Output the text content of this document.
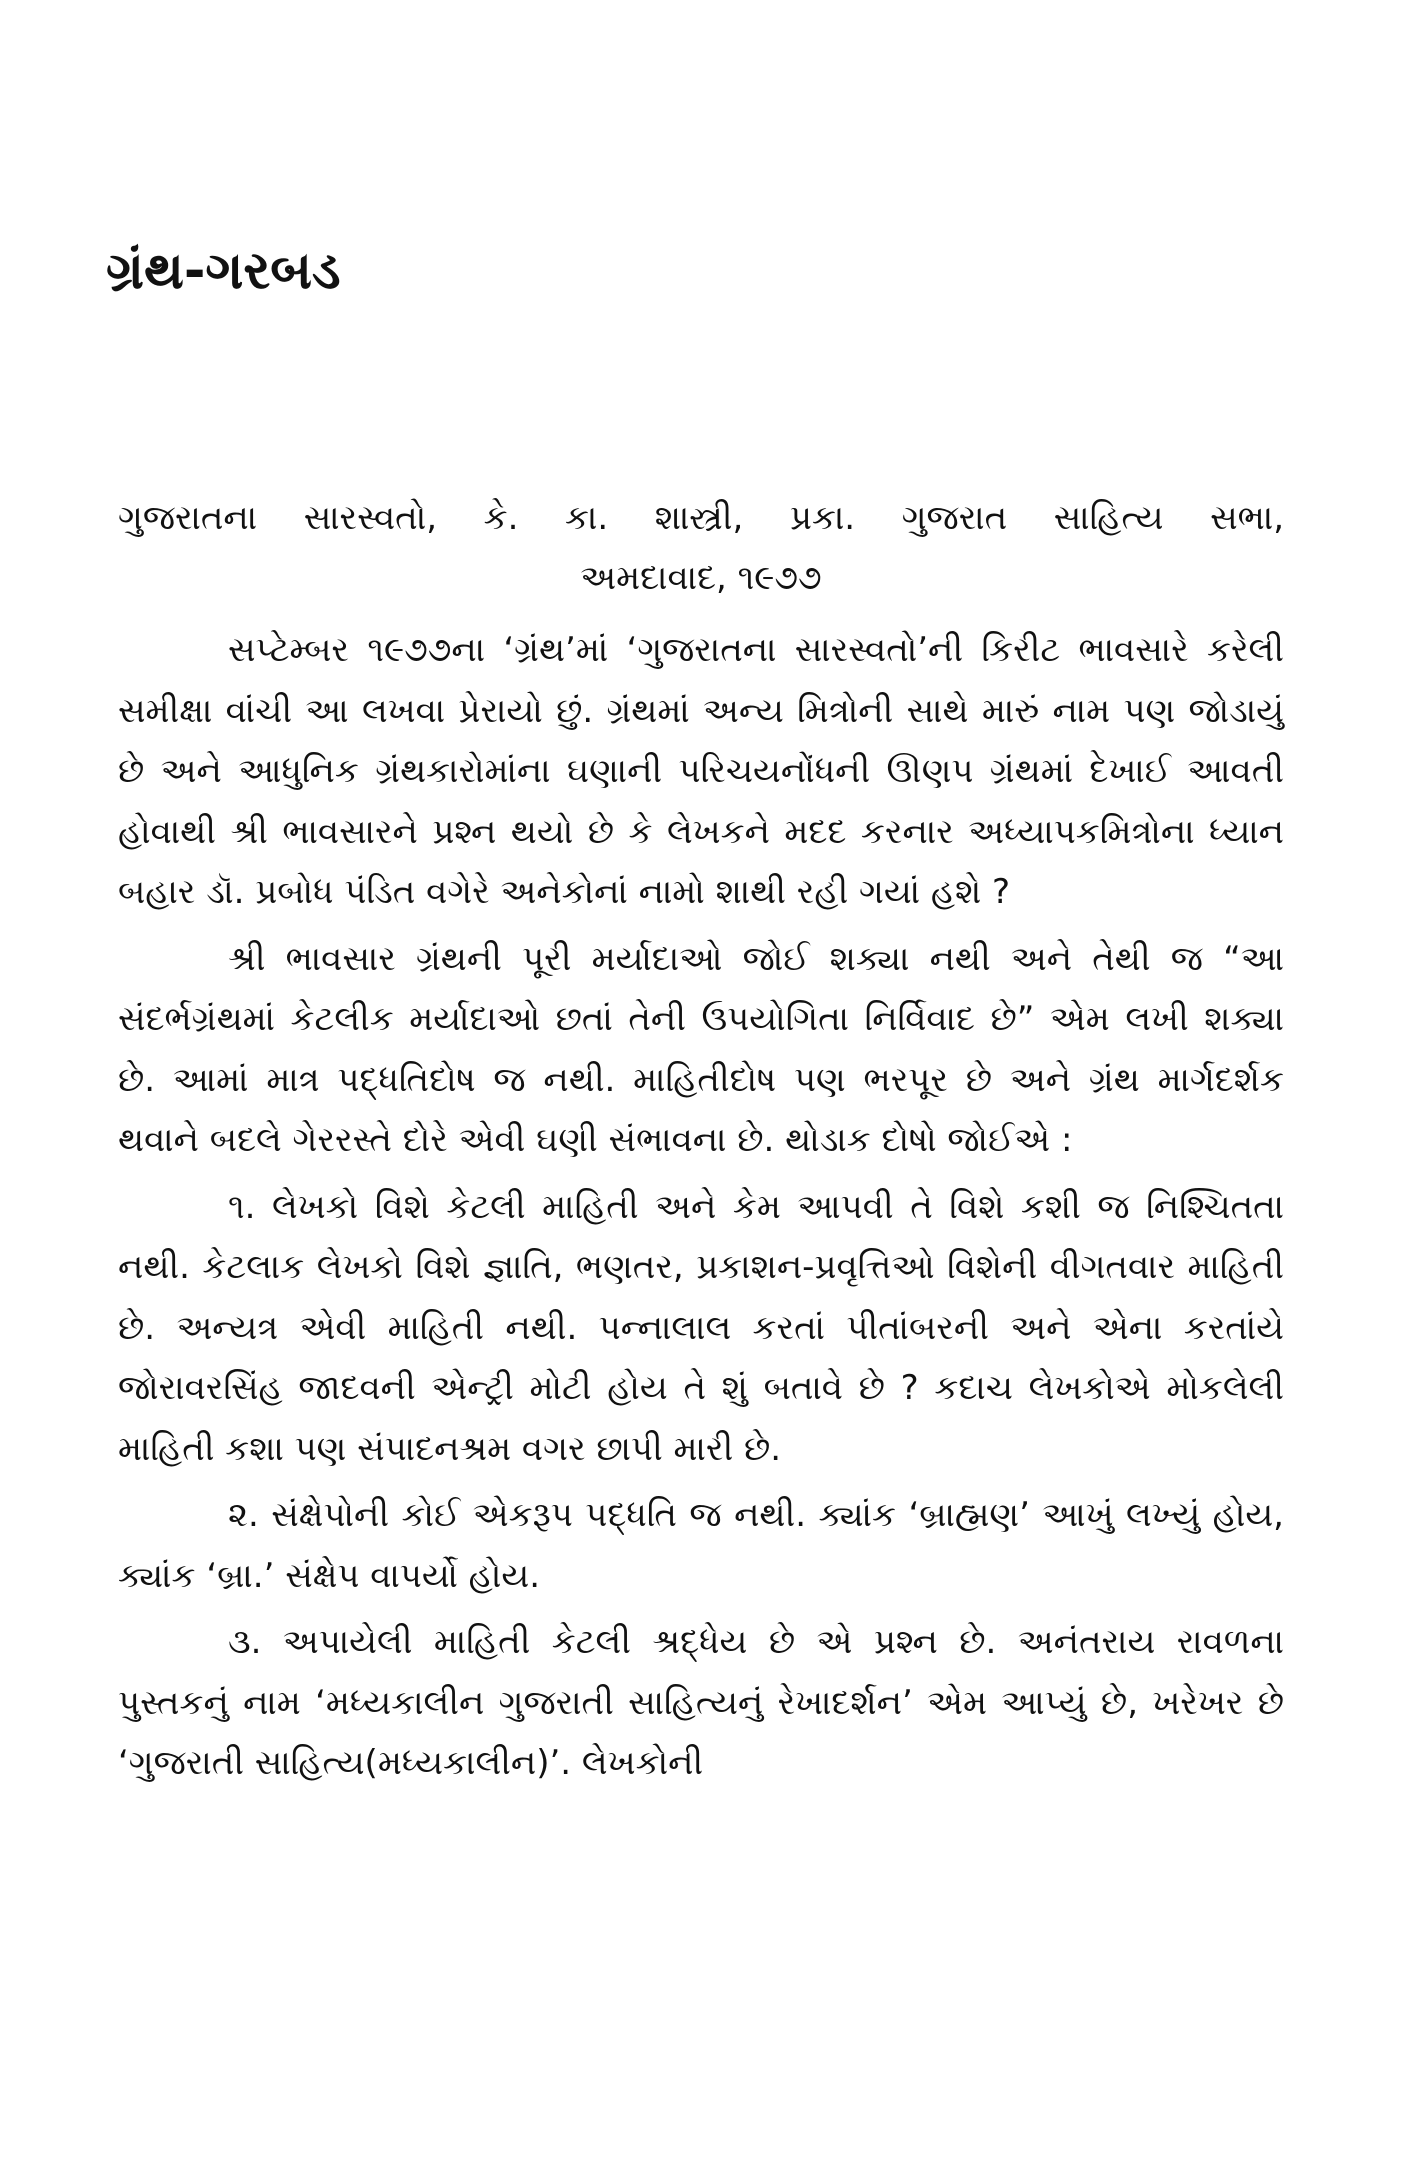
ગ્રંથ-ગરબડ
ગુજરાતના સારસ્વતો, કે. કા. શાસ્ત્રી, પ્રકા. ગુજરાત સાહિત્ય સભા,
અમદાવાદ, ૧૯૭૭

સપ્ટેમ્બર ૧૯૭૭ના ‘ગ્રંથ’માં ‘ગુજરાતના સારસ્વતો’ની કિરીટ ભાવસારે કરેલી સમીક્ષા વાંચી આ લખવા પ્રેરાયો છું. ગ્રંથમાં અન્ય મિત્રોની સાથે મારું નામ પણ જોડાયું છે અને આધુનિક ગ્રંથકારોમાંના ઘણાની પરિચયનોંધની ઊણપ ગ્રંથમાં દેખાઈ આવતી હોવાથી શ્રી ભાવસારને પ્રશ્ન થયો છે કે લેખકને મદદ કરનાર અધ્યાપકમિત્રોના ધ્યાન બહાર ડૉ. પ્રબોધ પંડિત વગેરે અનેકોનાં નામો શાથી રહી ગયાં હશે ?

શ્રી ભાવસાર ગ્રંથની પૂરી મર્યાદાઓ જોઈ શક્યા નથી અને તેથી જ “આ સંદર્ભગ્રંથમાં કેટલીક મર્યાદાઓ છતાં તેની ઉપયોગિતા નિર્વિવાદ છે” એમ લખી શક્યા છે. આમાં માત્ર પદ્ધતિદોષ જ નથી. માહિતીદોષ પણ ભરપૂર છે અને ગ્રંથ માર્ગદર્શક થવાને બદલે ગેરરસ્તે દોરે એવી ઘણી સંભાવના છે. થોડાક દોષો જોઈએ :

૧. લેખકો વિશે કેટલી માહિતી અને કેમ આપવી તે વિશે કશી જ નિશ્ચિતતા નથી. કેટલાક લેખકો વિશે જ્ઞાતિ, ભણતર, પ્રકાશન-પ્રવૃત્તિઓ વિશેની વીગતવાર માહિતી છે. અન્યત્ર એવી માહિતી નથી. પન્નાલાલ કરતાં પીતાંબરની અને એના કરતાંયે જોરાવરસિંહ જાદવની એન્ટ્રી મોટી હોય તે શું બતાવે છે ? કદાચ લેખકોએ મોકલેલી માહિતી કશા પણ સંપાદનશ્રમ વગર છાપી મારી છે.

૨. સંક્ષેપોની કોઈ એકરૂપ પદ્ધતિ જ નથી. ક્યાંક ‘બ્રાહ્મણ’ આખું લખ્યું હોય, ક્યાંક ‘બ્રા.’ સંક્ષેપ વાપર્યો હોય.

૩. અપાયેલી માહિતી કેટલી શ્રદ્ધેય છે એ પ્રશ્ન છે. અનંતરાય રાવળના પુસ્તકનું નામ ‘મધ્યકાલીન ગુજરાતી સાહિત્યનું રેખાદર્શન’ એમ આપ્યું છે, ખરેખર છે ‘ગુજરાતી સાહિત્ય(મધ્યકાલીન)’. લેખકોની
